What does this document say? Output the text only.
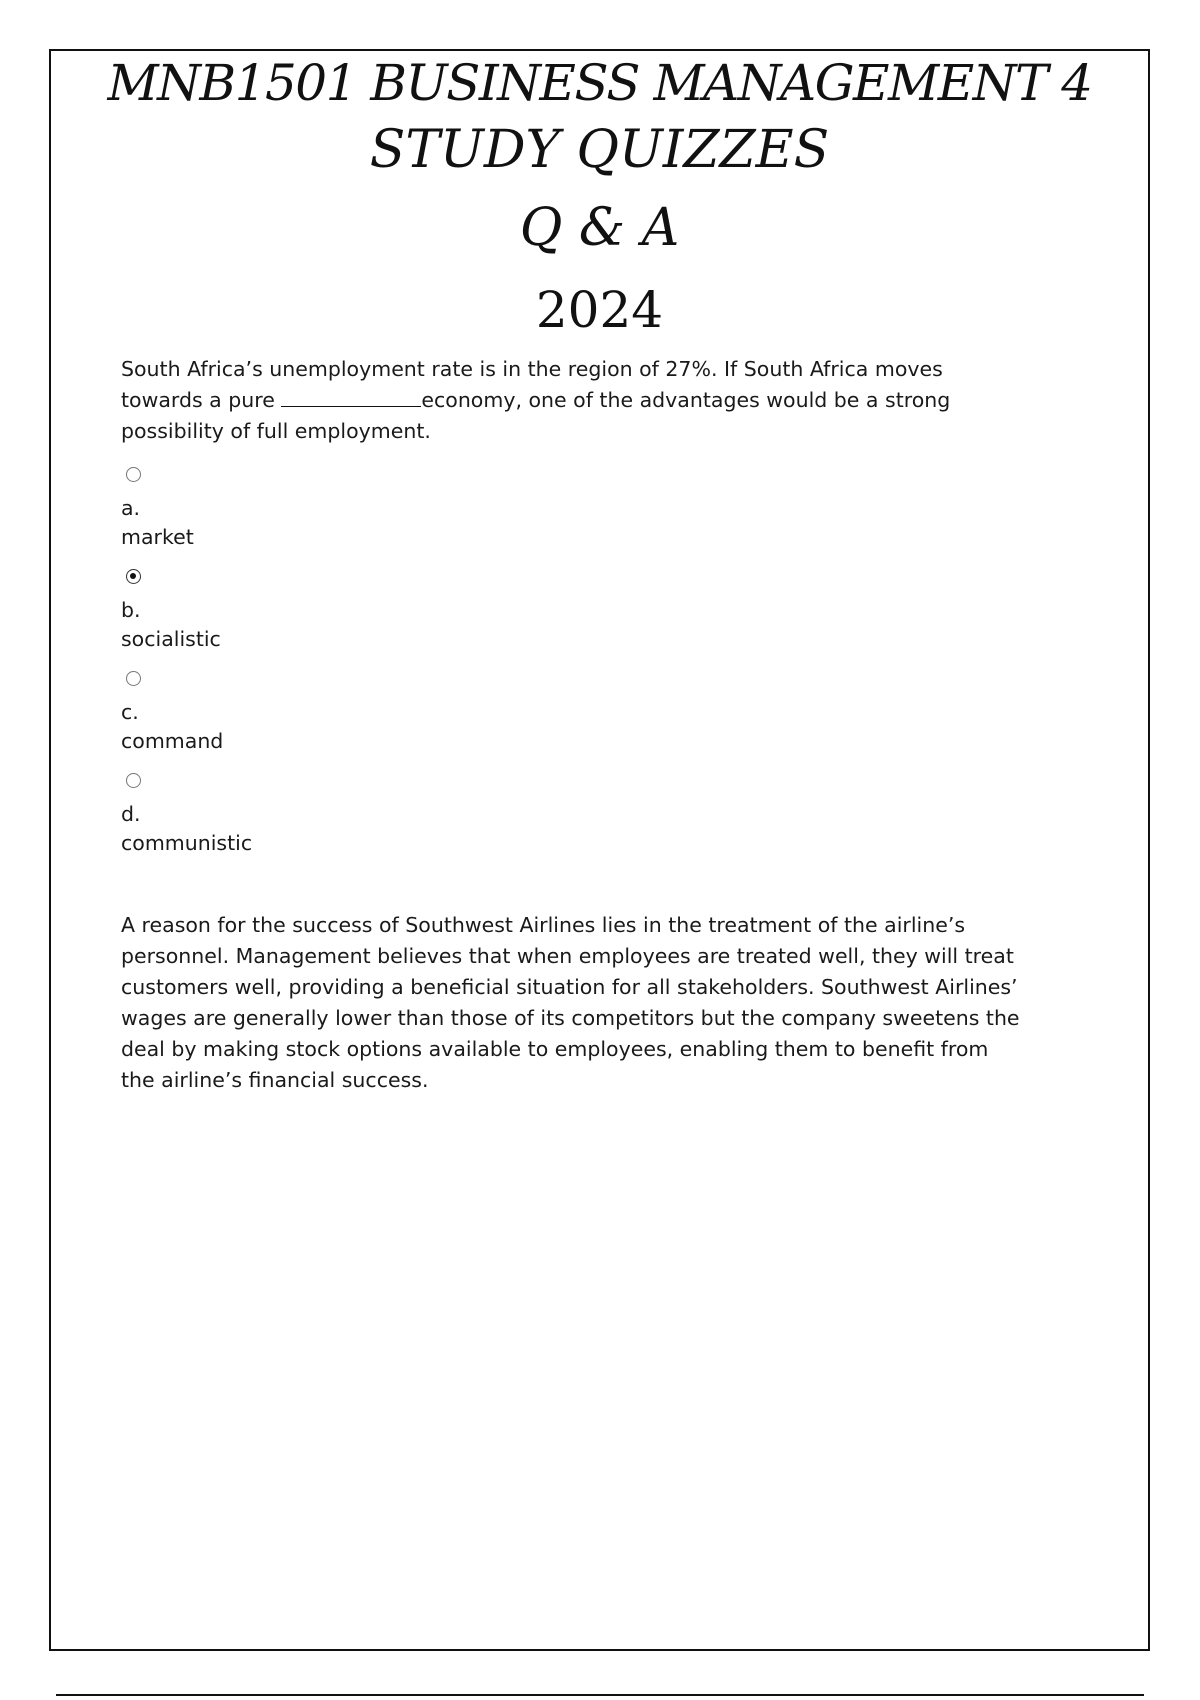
MNB1501 BUSINESS MANAGEMENT 4
STUDY QUIZZES
Q & A
2024

South Africa’s unemployment rate is in the region of 27%. If South Africa moves towards a pure	economy, one of the advantages would be a strong possibility of full employment.

a.
market
b.
socialistic
c.
command
d.
communistic

A reason for the success of Southwest Airlines lies in the treatment of the airline’s personnel. Management believes that when employees are treated well, they will treat customers well, providing a beneficial situation for all stakeholders. Southwest Airlines’ wages are generally lower than those of its competitors but the company sweetens the deal by making stock options available to employees, enabling them to benefit from the airline’s financial success.
